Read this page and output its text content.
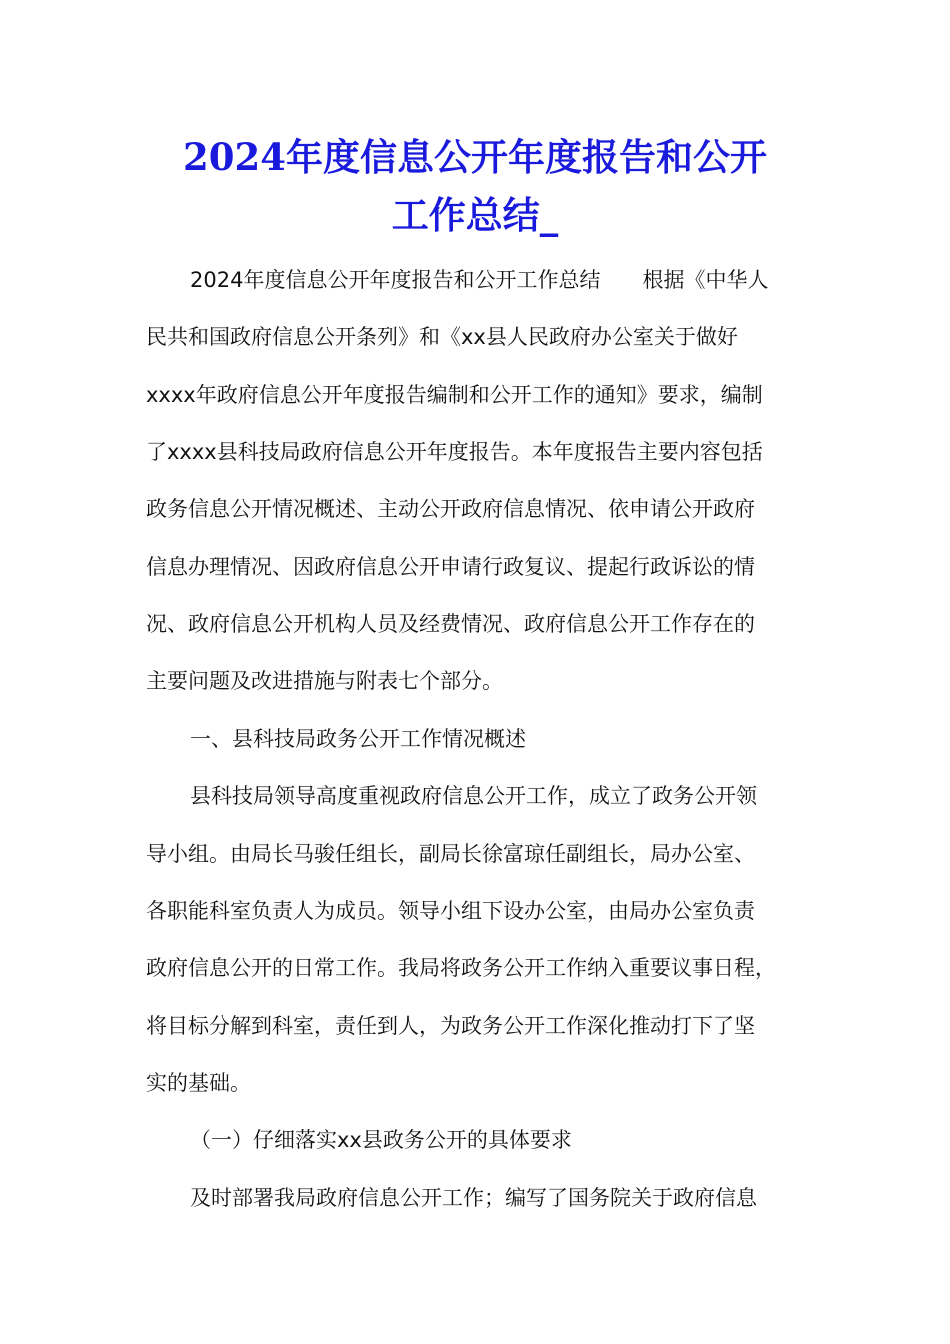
2024年度信息公开年度报告和公开
工作总结_
2024年度信息公开年度报告和公开工作总结　　根据《中华人
民共和国政府信息公开条列》和《xx县人民政府办公室关于做好
xxxx年政府信息公开年度报告编制和公开工作的通知》要求，编制
了xxxx县科技局政府信息公开年度报告。本年度报告主要内容包括
政务信息公开情况概述、主动公开政府信息情况、依申请公开政府
信息办理情况、因政府信息公开申请行政复议、提起行政诉讼的情
况、政府信息公开机构人员及经费情况、政府信息公开工作存在的
主要问题及改进措施与附表七个部分。
一、县科技局政务公开工作情况概述
县科技局领导高度重视政府信息公开工作，成立了政务公开领
导小组。由局长马骏任组长，副局长徐富琼任副组长，局办公室、
各职能科室负责人为成员。领导小组下设办公室，由局办公室负责
政府信息公开的日常工作。我局将政务公开工作纳入重要议事日程，
将目标分解到科室，责任到人，为政务公开工作深化推动打下了坚
实的基础。
（一）仔细落实xx县政务公开的具体要求
及时部署我局政府信息公开工作；编写了国务院关于政府信息
